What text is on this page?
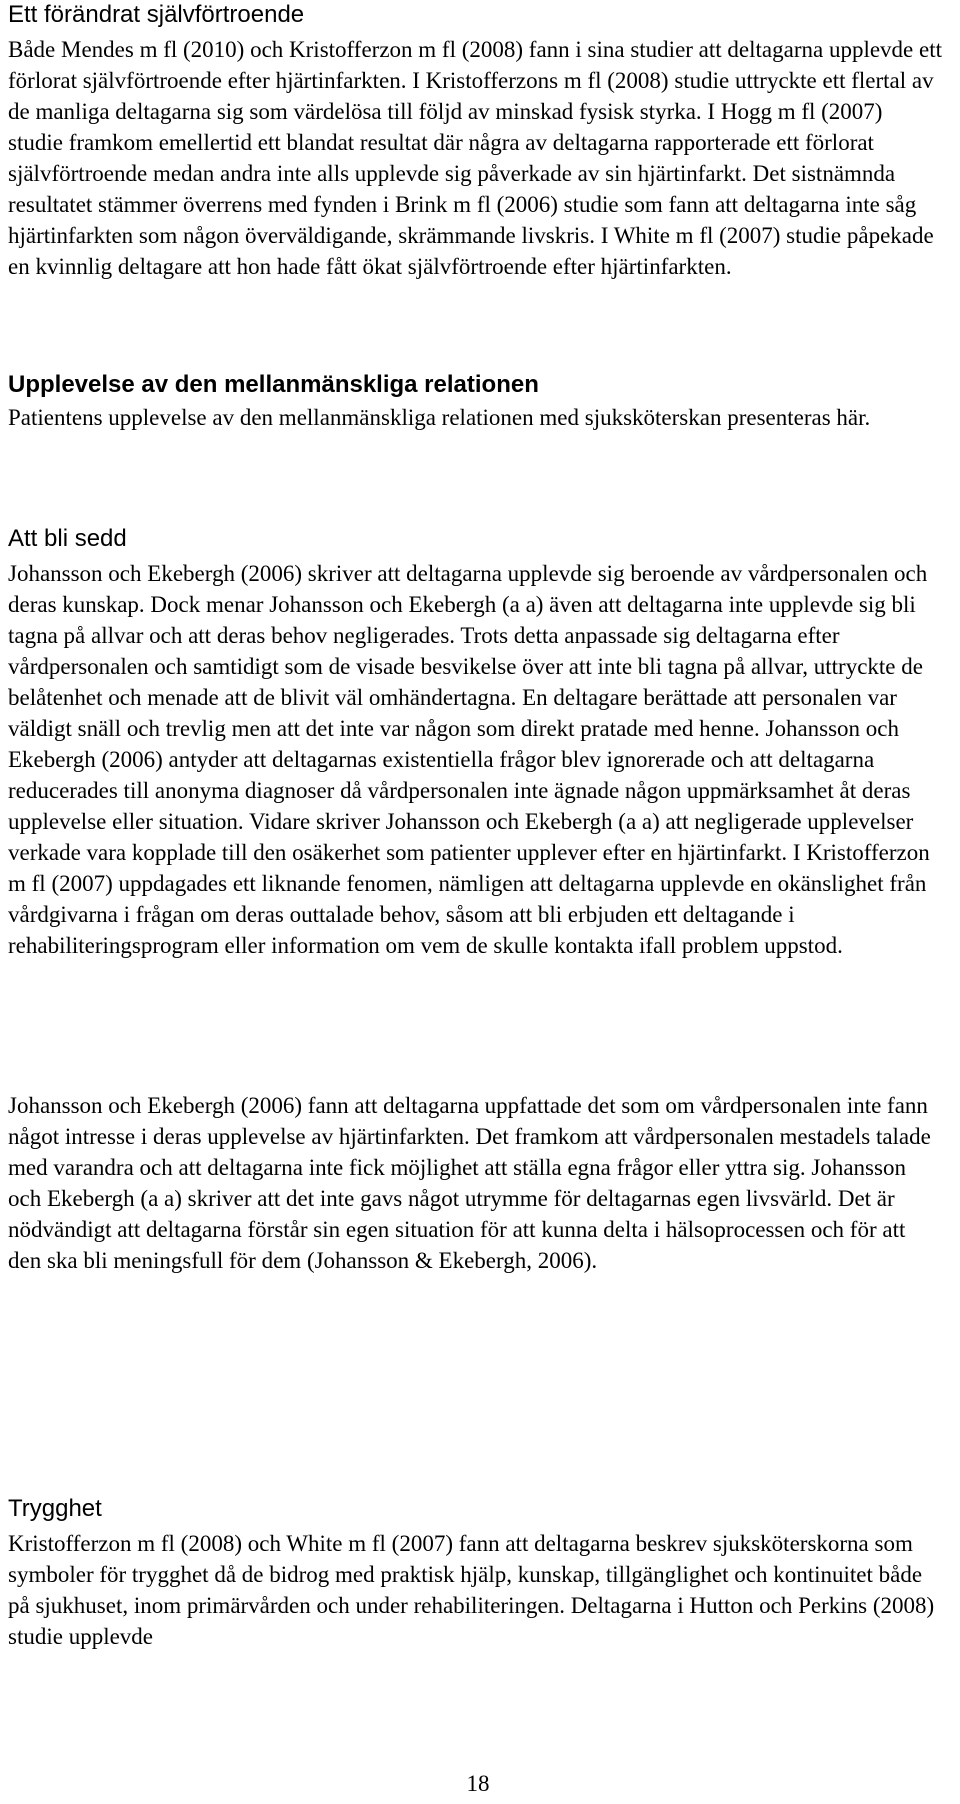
Ett förändrat självförtroende

Både Mendes m fl (2010) och Kristofferzon m fl (2008) fann i sina studier att deltagarna upplevde ett förlorat självförtroende efter hjärtinfarkten. I Kristofferzons m fl (2008) studie uttryckte ett flertal av de manliga deltagarna sig som värdelösa till följd av minskad fysisk styrka. I Hogg m fl (2007) studie framkom emellertid ett blandat resultat där några av deltagarna rapporterade ett förlorat självförtroende medan andra inte alls upplevde sig påverkade av sin hjärtinfarkt. Det sistnämnda resultatet stämmer överrens med fynden i Brink m fl (2006) studie som fann att deltagarna inte såg hjärtinfarkten som någon överväldigande, skrämmande livskris. I White m fl (2007) studie påpekade en kvinnlig deltagare att hon hade fått ökat självförtroende efter hjärtinfarkten.

Upplevelse av den mellanmänskliga relationen

Patientens upplevelse av den mellanmänskliga relationen med sjuksköterskan presenteras här.

Att bli sedd

Johansson och Ekebergh (2006) skriver att deltagarna upplevde sig beroende av vårdpersonalen och deras kunskap. Dock menar Johansson och Ekebergh (a a) även att deltagarna inte upplevde sig bli tagna på allvar och att deras behov negligerades. Trots detta anpassade sig deltagarna efter vårdpersonalen och samtidigt som de visade besvikelse över att inte bli tagna på allvar, uttryckte de belåtenhet och menade att de blivit väl omhändertagna. En deltagare berättade att personalen var väldigt snäll och trevlig men att det inte var någon som direkt pratade med henne. Johansson och Ekebergh (2006) antyder att deltagarnas existentiella frågor blev ignorerade och att deltagarna reducerades till anonyma diagnoser då vårdpersonalen inte ägnade någon uppmärksamhet åt deras upplevelse eller situation. Vidare skriver Johansson och Ekebergh (a a) att negligerade upplevelser verkade vara kopplade till den osäkerhet som patienter upplever efter en hjärtinfarkt. I Kristofferzon m fl (2007) uppdagades ett liknande fenomen, nämligen att deltagarna upplevde en okänslighet från vårdgivarna i frågan om deras outtalade behov, såsom att bli erbjuden ett deltagande i rehabiliteringsprogram eller information om vem de skulle kontakta ifall problem uppstod.

Johansson och Ekebergh (2006) fann att deltagarna uppfattade det som om vårdpersonalen inte fann något intresse i deras upplevelse av hjärtinfarkten. Det framkom att vårdpersonalen mestadels talade med varandra och att deltagarna inte fick möjlighet att ställa egna frågor eller yttra sig. Johansson och Ekebergh (a a) skriver att det inte gavs något utrymme för deltagarnas egen livsvärld. Det är nödvändigt att deltagarna förstår sin egen situation för att kunna delta i hälsoprocessen och för att den ska bli meningsfull för dem (Johansson & Ekebergh, 2006).

Trygghet

Kristofferzon m fl (2008) och White m fl (2007) fann att deltagarna beskrev sjuksköterskorna som symboler för trygghet då de bidrog med praktisk hjälp, kunskap, tillgänglighet och kontinuitet både på sjukhuset, inom primärvården och under rehabiliteringen. Deltagarna i Hutton och Perkins (2008) studie upplevde

18
